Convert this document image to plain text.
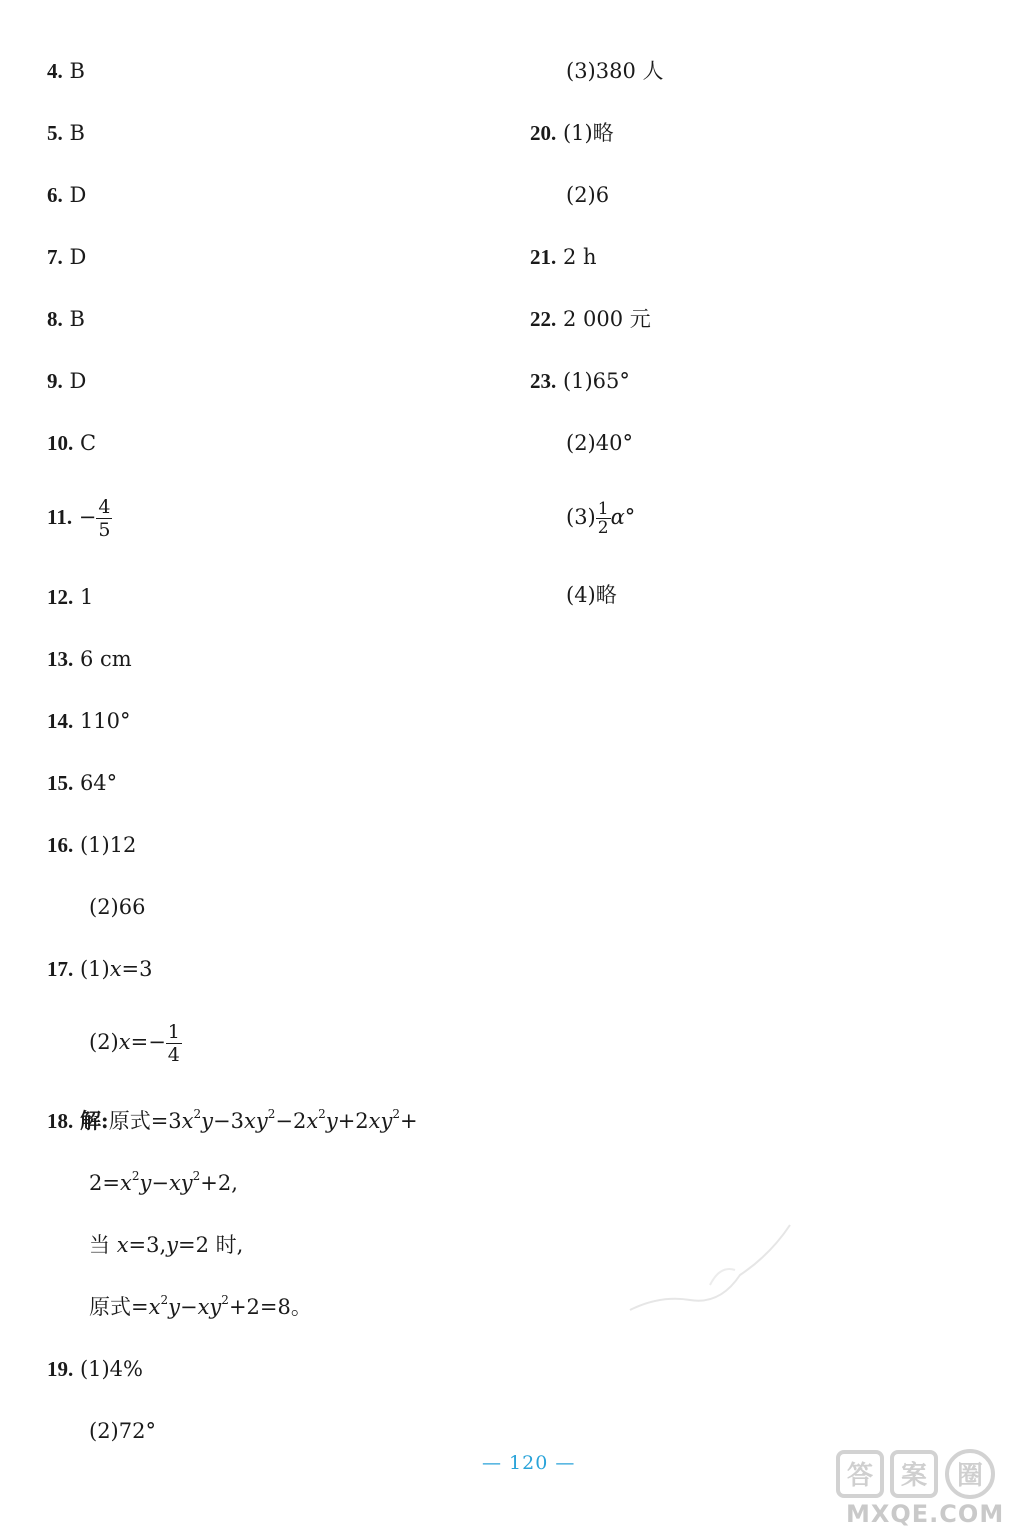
4. B
5. B
6. D
7. D
8. B
9. D
10. C
11. − $\frac{4}{5}$
12. 1
13. 6 cm
14. 110°
15. 64°
16. (1)12
(2)66
17. (1)x=3
$(2)x=- \frac{1}{4}$
18. 解:原式$=3x^2y-3xy^2-2x^2y+2xy^2+$
$2=x^2y-xy^2+2$,
当 x=3,y=2 时,
原式$=x^2y-xy^2+2=8$。
19. (1)4%
(2)72°
(3)380 人
20. (1)略
(2)6
21. 2 h
22. 2 000 元
23. (1)65°
(2)40°
$(3) \frac{1}{2} \alpha^\circ$
(4)略
— 120 —	答 案 圈
MXQE.COM
